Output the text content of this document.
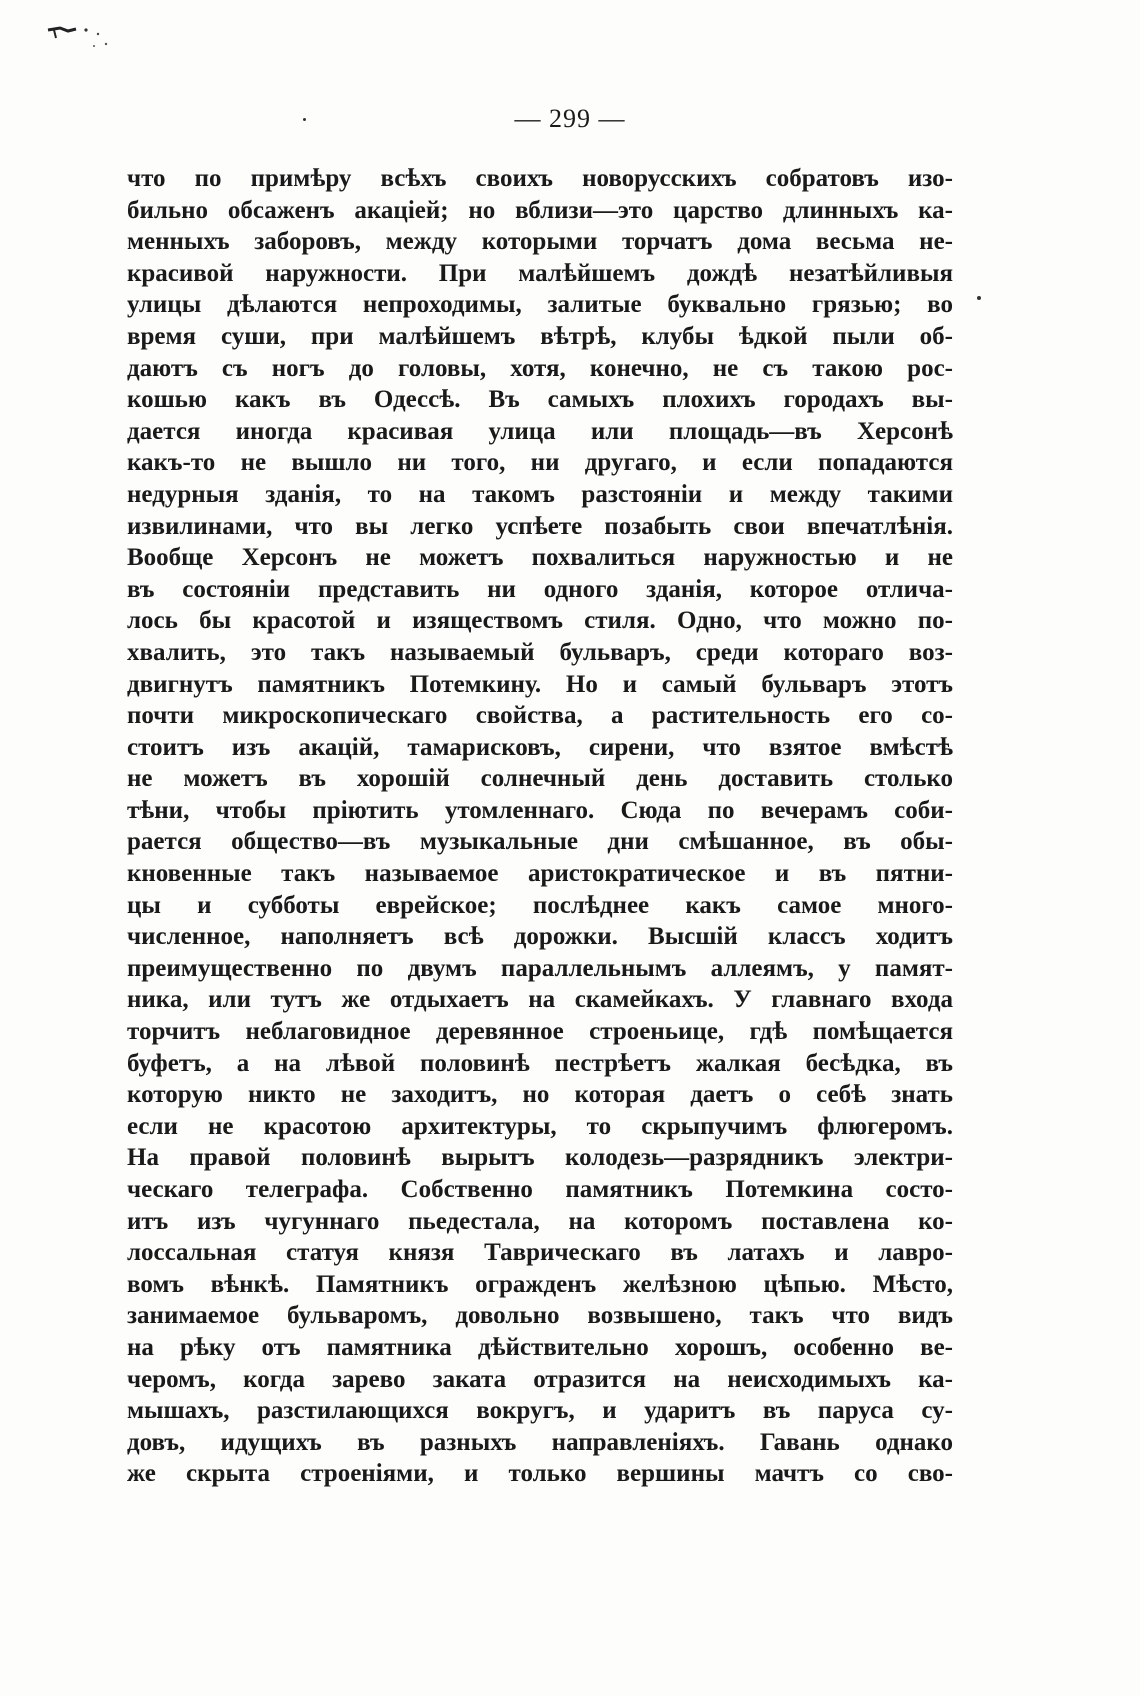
— 299 —
что по примѣру всѣхъ своихъ новорусскихъ собратовъ изо-
бильно обсаженъ акаціей; но вблизи—это царство длинныхъ ка-
менныхъ заборовъ, между которыми торчатъ дома весьма не-
красивой наружности. При малѣйшемъ дождѣ незатѣйливыя
улицы дѣлаются непроходимы, залитые буквально грязью; во
время суши, при малѣйшемъ вѣтрѣ, клубы ѣдкой пыли об-
даютъ съ ногъ до головы, хотя, конечно, не съ такою рос-
кошью какъ въ Одессѣ. Въ самыхъ плохихъ городахъ вы-
дается иногда красивая улица или площадь—въ Херсонѣ
какъ-то не вышло ни того, ни другаго, и если попадаются
недурныя зданія, то на такомъ разстояніи и между такими
извилинами, что вы легко успѣете позабыть свои впечатлѣнія.
Вообще Херсонъ не можетъ похвалиться наружностью и не
въ состояніи представить ни одного зданія, которое отлича-
лось бы красотой и изяществомъ стиля. Одно, что можно по-
хвалить, это такъ называемый бульваръ, среди котораго воз-
двигнутъ памятникъ Потемкину. Но и самый бульваръ этотъ
почти микроскопическаго свойства, а растительность его со-
стоитъ изъ акацій, тамарисковъ, сирени, что взятое вмѣстѣ
не можетъ въ хорошій солнечный день доставить столько
тѣни, чтобы пріютить утомленнаго. Сюда по вечерамъ соби-
рается общество—въ музыкальные дни смѣшанное, въ обы-
кновенные такъ называемое аристократическое и въ пятни-
цы и субботы еврейское; послѣднее какъ самое много-
численное, наполняетъ всѣ дорожки. Высшій классъ ходитъ
преимущественно по двумъ параллельнымъ аллеямъ, у памят-
ника, или тутъ же отдыхаетъ на скамейкахъ. У главнаго входа
торчитъ неблаговидное деревянное строеньице, гдѣ помѣщается
буфетъ, а на лѣвой половинѣ пестрѣетъ жалкая бесѣдка, въ
которую никто не заходитъ, но которая даетъ о себѣ знать
если не красотою архитектуры, то скрыпучимъ флюгеромъ.
На правой половинѣ вырытъ колодезь—разрядникъ электри-
ческаго телеграфа. Собственно памятникъ Потемкина состо-
итъ изъ чугуннаго пьедестала, на которомъ поставлена ко-
лоссальная статуя князя Таврическаго въ латахъ и лавро-
вомъ вѣнкѣ. Памятникъ огражденъ желѣзною цѣпью. Мѣсто,
занимаемое бульваромъ, довольно возвышено, такъ что видъ
на рѣку отъ памятника дѣйствительно хорошъ, особенно ве-
черомъ, когда зарево заката отразится на неисходимыхъ ка-
мышахъ, разстилающихся вокругъ, и ударитъ въ паруса су-
довъ, идущихъ въ разныхъ направленіяхъ. Гавань однако
же скрыта строеніями, и только вершины мачтъ со сво-
